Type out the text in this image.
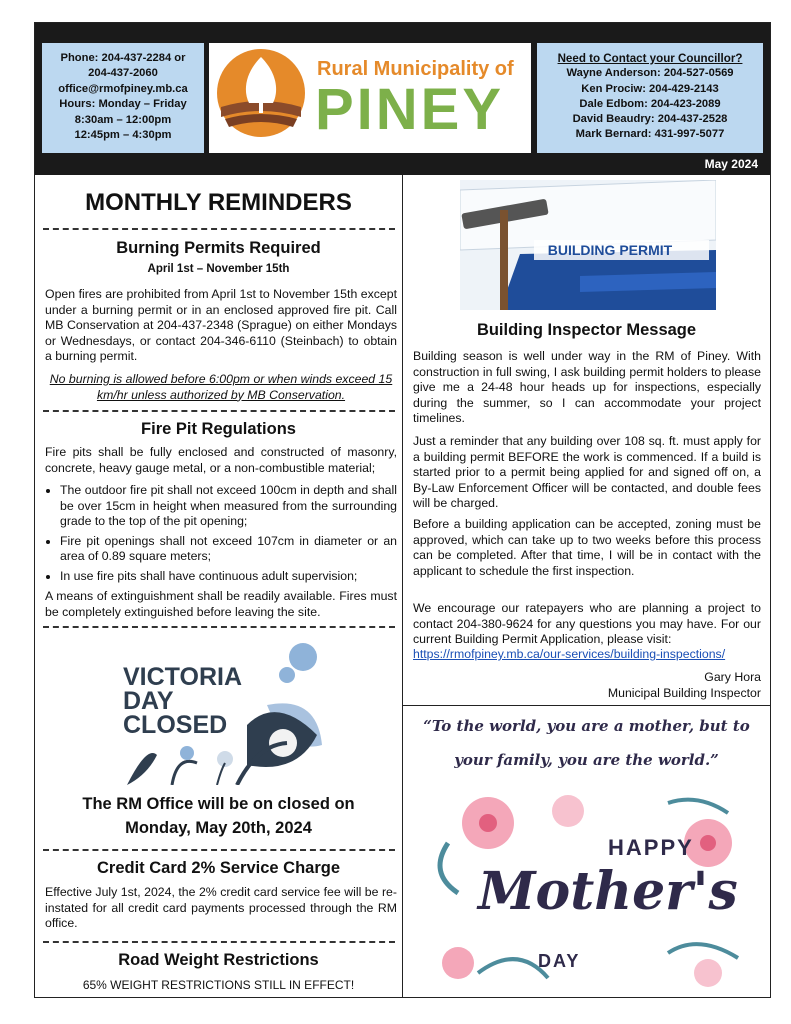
Phone: 204-437-2284 or
204-437-2060
office@rmofpiney.mb.ca
Hours: Monday – Friday
8:30am – 12:00pm
12:45pm – 4:30pm
Rural Municipality of
PINEY
Need to Contact your Councillor?
Wayne Anderson: 204-527-0569
Ken Prociw: 204-429-2143
Dale Edbom: 204-423-2089
David Beaudry: 204-437-2528
Mark Bernard: 431-997-5077
May 2024
MONTHLY REMINDERS
Burning Permits Required
April 1st – November 15th
Open fires are prohibited from April 1st to November 15th except under a burning permit or in an enclosed approved fire pit. Call MB Conservation at 204-437-2348 (Sprague) on either Mondays or Wednesdays, or contact 204-346-6110 (Steinbach) to obtain a burning permit.
No burning is allowed before 6:00pm or when winds exceed 15 km/hr unless authorized by MB Conservation.
Fire Pit Regulations
Fire pits shall be fully enclosed and constructed of masonry, concrete, heavy gauge metal, or a non-combustible material;
• The outdoor fire pit shall not exceed 100cm in depth and shall be over 15cm in height when measured from the surrounding grade to the top of the pit opening;
• Fire pit openings shall not exceed 107cm in diameter or an area of 0.89 square meters;
• In use fire pits shall have continuous adult supervision;
A means of extinguishment shall be readily available. Fires must be completely extinguished before leaving the site.
VICTORIA
DAY
CLOSED
The RM Office will be on closed on
Monday, May 20th, 2024
Credit Card 2% Service Charge
Effective July 1st, 2024, the 2% credit card service fee will be re-instated for all credit card payments processed through the RM office.
Road Weight Restrictions
65% WEIGHT RESTRICTIONS STILL IN EFFECT!
BUILDING PERMIT
Building Inspector Message
Building season is well under way in the RM of Piney. With construction in full swing, I ask building permit holders to please give me a 24-48 hour heads up for inspections, especially during the summer, so I can accommodate your project timelines.
Just a reminder that any building over 108 sq. ft. must apply for a building permit BEFORE the work is commenced. If a build is started prior to a permit being applied for and signed off on, a By-Law Enforcement Officer will be contacted, and double fees will be charged.
Before a building application can be accepted, zoning must be approved, which can take up to two weeks before this process can be completed. After that time, I will be in contact with the applicant to schedule the first inspection.
We encourage our ratepayers who are planning a project to contact 204-380-9624 for any questions you may have. For our current Building Permit Application, please visit:
https://rmofpiney.mb.ca/our-services/building-inspections/
Gary Hora
Municipal Building Inspector
“To the world, you are a mother, but to
your family, you are the world.”
HAPPY
Mother's
DAY
